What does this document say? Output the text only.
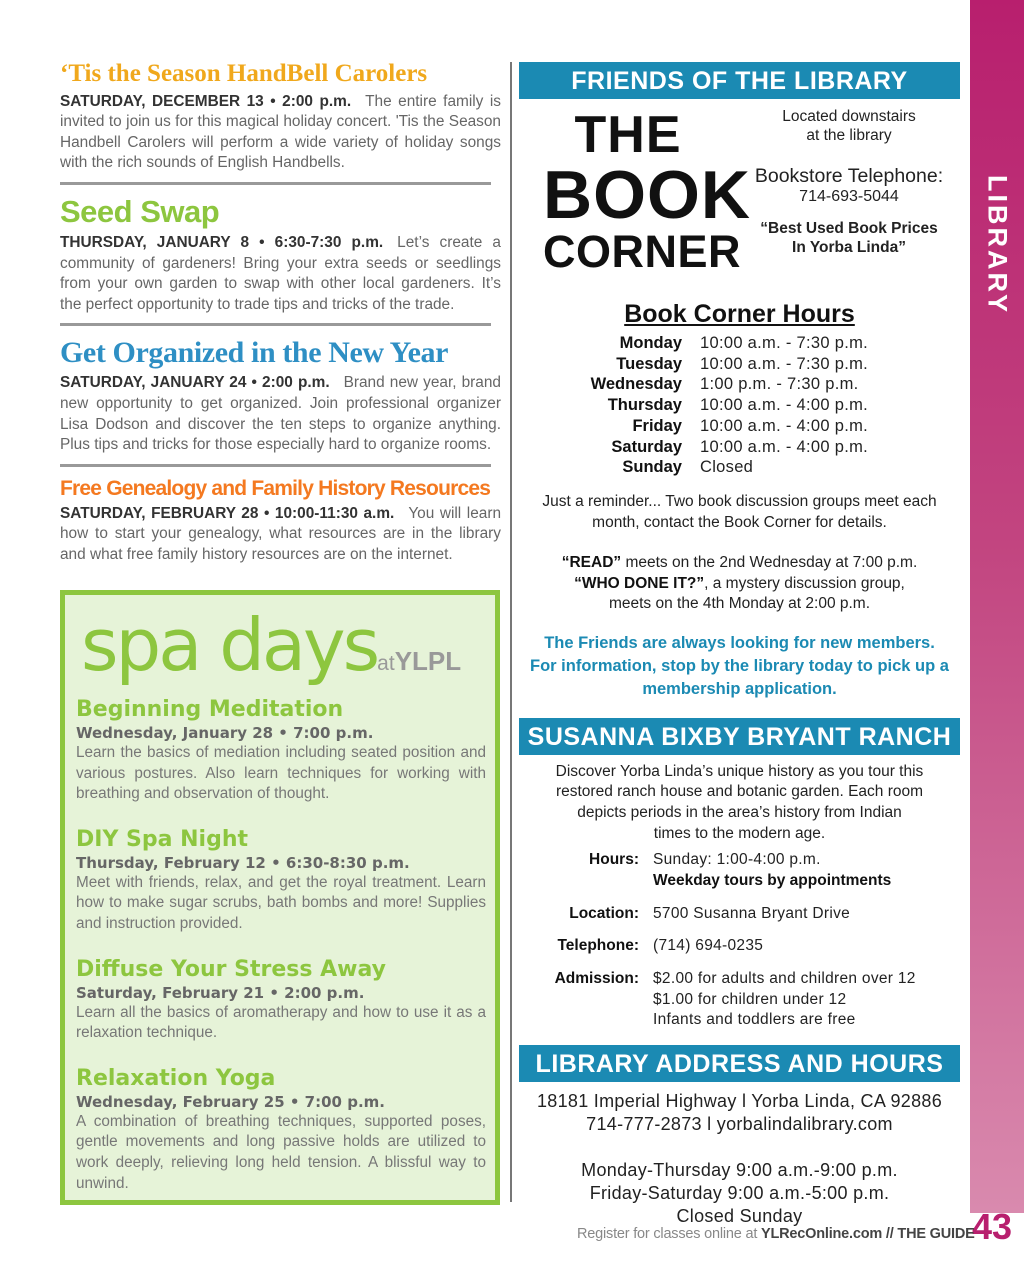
LIBRARY
43
Register for classes online at YLRecOnline.com // THE GUIDE
‘Tis the Season HandBell Carolers

SATURDAY, DECEMBER 13 • 2:00 p.m. The entire family is invited to join us for this magical holiday concert. 'Tis the Season Handbell Carolers will perform a wide variety of holiday songs with the rich sounds of English Handbells.

Seed Swap

THURSDAY, JANUARY 8 • 6:30-7:30 p.m. Let’s create a community of gardeners! Bring your extra seeds or seedlings from your own garden to swap with other local gardeners. It’s the perfect opportunity to trade tips and tricks of the trade.

Get Organized in the New Year

SATURDAY, JANUARY 24 • 2:00 p.m. Brand new year, brand new opportunity to get organized. Join professional organizer Lisa Dodson and discover the ten steps to organize anything. Plus tips and tricks for those especially hard to organize rooms.

Free Genealogy and Family History Resources

SATURDAY, FEBRUARY 28 • 10:00-11:30 a.m. You will learn how to start your genealogy, what resources are in the library and what free family history resources are on the internet.

spa daysatYLPL

Beginning Meditation

Wednesday, January 28 • 7:00 p.m.

Learn the basics of mediation including seated position and various postures. Also learn techniques for working with breathing and observation of thought.

DIY Spa Night

Thursday, February 12 • 6:30-8:30 p.m.

Meet with friends, relax, and get the royal treatment. Learn how to make sugar scrubs, bath bombs and more! Supplies and instruction provided.

Diffuse Your Stress Away

Saturday, February 21 • 2:00 p.m.

Learn all the basics of aromatherapy and how to use it as a relaxation technique.

Relaxation Yoga

Wednesday, February 25 • 7:00 p.m.

A combination of breathing techniques, supported poses, gentle movements and long passive holds are utilized to work deeply, relieving long held tension. A blissful way to unwind.

FRIENDS OF THE LIBRARY
THE
BOOK
CORNER

Located downstairs

at the library

Bookstore Telephone:

714-693-5044

“Best Used Book Prices

In Yorba Linda”

Book Corner Hours

Monday	10:00 a.m. - 7:30 p.m.
Tuesday	10:00 a.m. - 7:30 p.m.
Wednesday	1:00 p.m. - 7:30 p.m.
Thursday	10:00 a.m. - 4:00 p.m.
Friday	10:00 a.m. - 4:00 p.m.
Saturday	10:00 a.m. - 4:00 p.m.
Sunday	Closed

Just a reminder... Two book discussion groups meet each

month, contact the Book Corner for details.

“READ” meets on the 2nd Wednesday at 7:00 p.m.

“WHO DONE IT?”, a mystery discussion group,

meets on the 4th Monday at 2:00 p.m.

The Friends are always looking for new members.

For information, stop by the library today to pick up a

membership application.

SUSANNA BIXBY BRYANT RANCH

Discover Yorba Linda’s unique history as you tour this

restored ranch house and botanic garden. Each room

depicts periods in the area’s history from Indian

times to the modern age.

Hours: Sunday: 1:00-4:00 p.m.
Weekday tours by appointments
Location: 5700 Susanna Bryant Drive
Telephone: (714) 694-0235
Admission: $2.00 for adults and children over 12
$1.00 for children under 12
Infants and toddlers are free
LIBRARY ADDRESS AND HOURS

18181 Imperial Highway l Yorba Linda, CA 92886

714-777-2873 l yorbalindalibrary.com

Monday-Thursday 9:00 a.m.-9:00 p.m.

Friday-Saturday 9:00 a.m.-5:00 p.m.

Closed Sunday
